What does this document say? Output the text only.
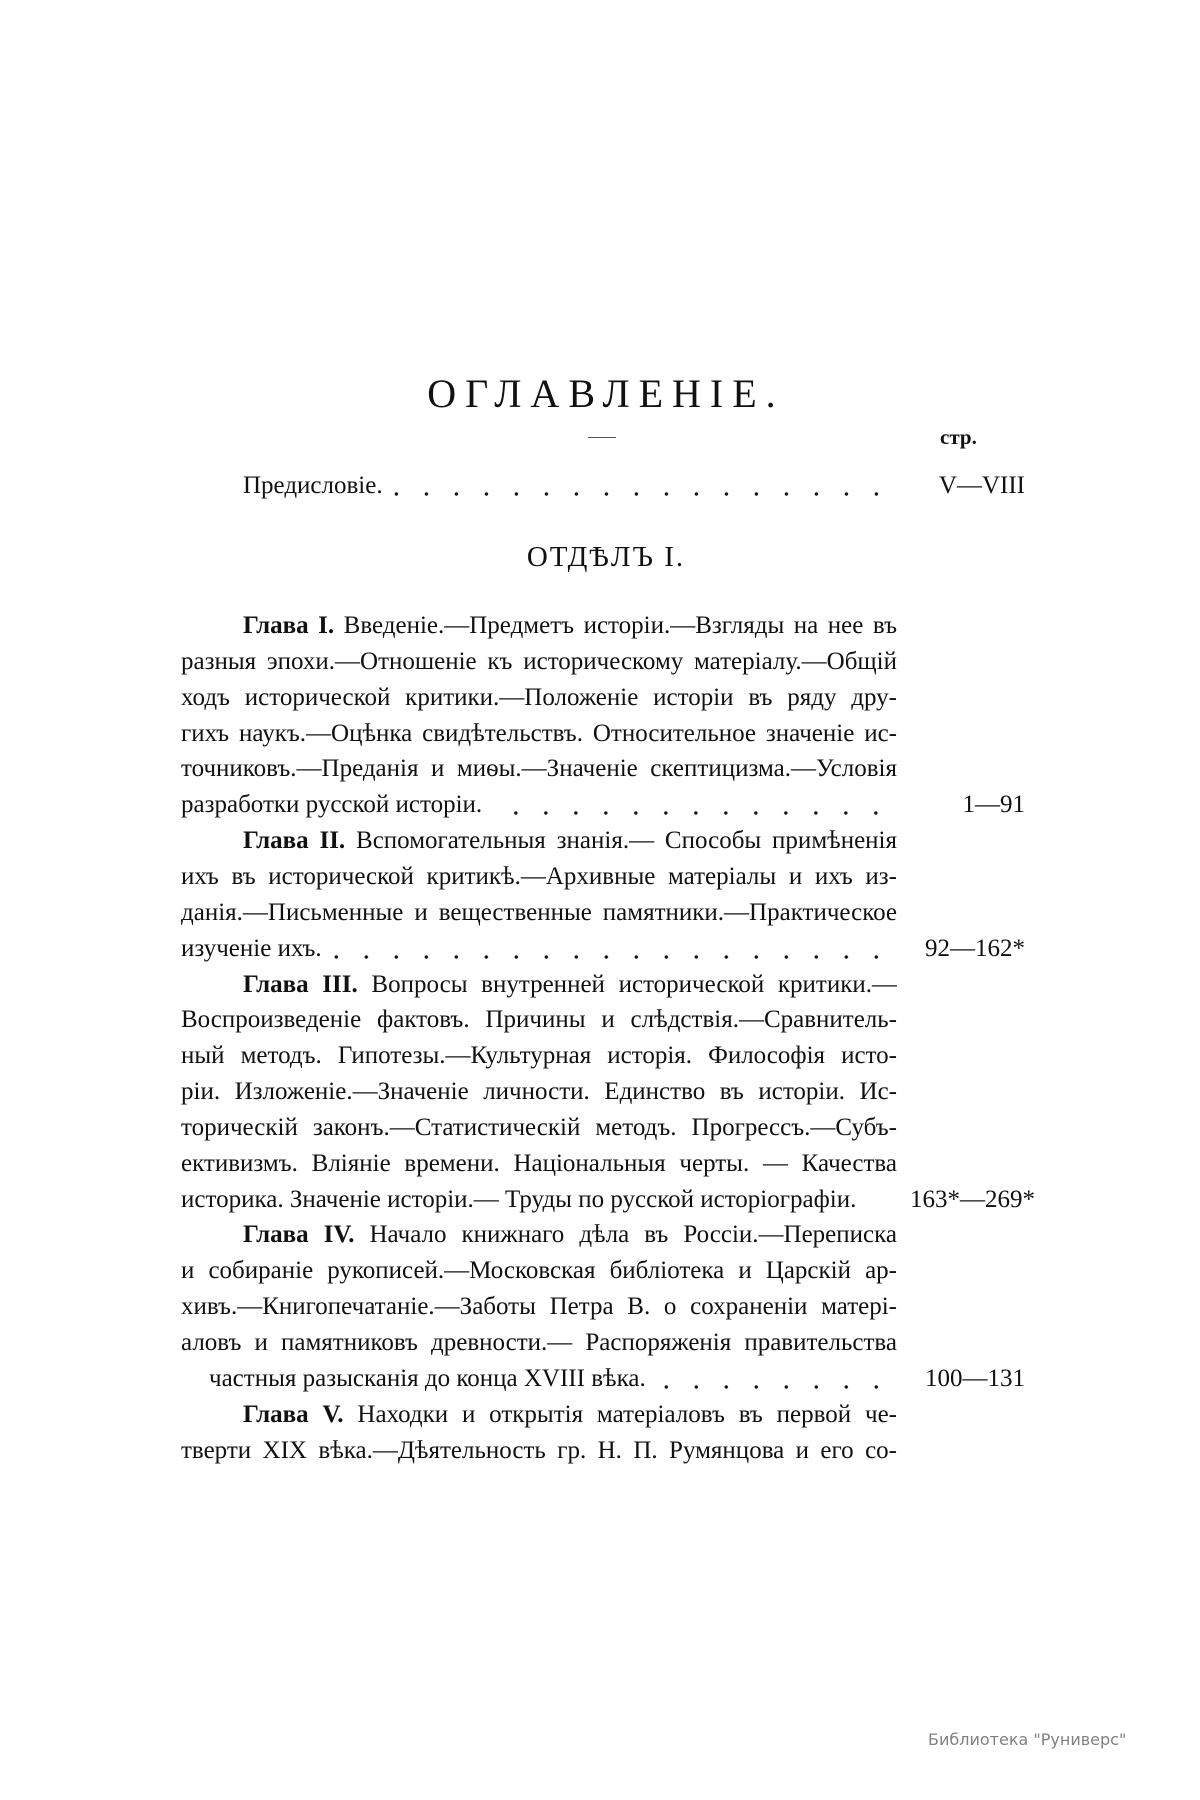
ОГЛАВЛЕНІЕ.
стр.
Предисловіе.	V—VIII
ОТДѢЛЪ I.
Глава I. Введеніе.—Предметъ исторіи.—Взгляды на нее въ
разныя эпохи.—Отношеніе къ историческому матеріалу.—Общій
ходъ исторической критики.—Положеніе исторіи въ ряду дру-
гихъ наукъ.—Оцѣнка свидѣтельствъ. Относительное значеніе ис-
точниковъ.—Преданія и миѳы.—Значеніе скептицизма.—Условія
разработки русской исторіи.	1—91
Глава II. Вспомогательныя знанія.— Способы примѣненія
ихъ въ исторической критикѣ.—Архивные матеріалы и ихъ из-
данія.—Письменные и вещественные памятники.—Практическое
изученіе ихъ.	92—162*
Глава III. Вопросы внутренней исторической критики.—
Воспроизведеніе фактовъ. Причины и слѣдствія.—Сравнитель-
ный методъ. Гипотезы.—Культурная исторія. Философія исто-
ріи. Изложеніе.—Значеніе личности. Единство въ исторіи. Ис-
торическій законъ.—Статистическій методъ. Прогрессъ.—Субъ-
ективизмъ. Вліяніе времени. Національныя черты. — Качества
историка. Значеніе исторіи.— Труды по русской исторіографіи.	163*—269*
Глава IV. Начало книжнаго дѣла въ Россіи.—Переписка
и собираніе рукописей.—Московская библіотека и Царскій ар-
хивъ.—Книгопечатаніе.—Заботы Петра В. о сохраненіи матері-
аловъ и памятниковъ древности.— Распоряженія правительства
частныя разысканія до конца XVIII вѣка.	100—131
Глава V. Находки и открытія матеріаловъ въ первой че-
тверти XIX вѣка.—Дѣятельность гр. Н. П. Румянцова и его со-
Библиотека "Руниверс"
